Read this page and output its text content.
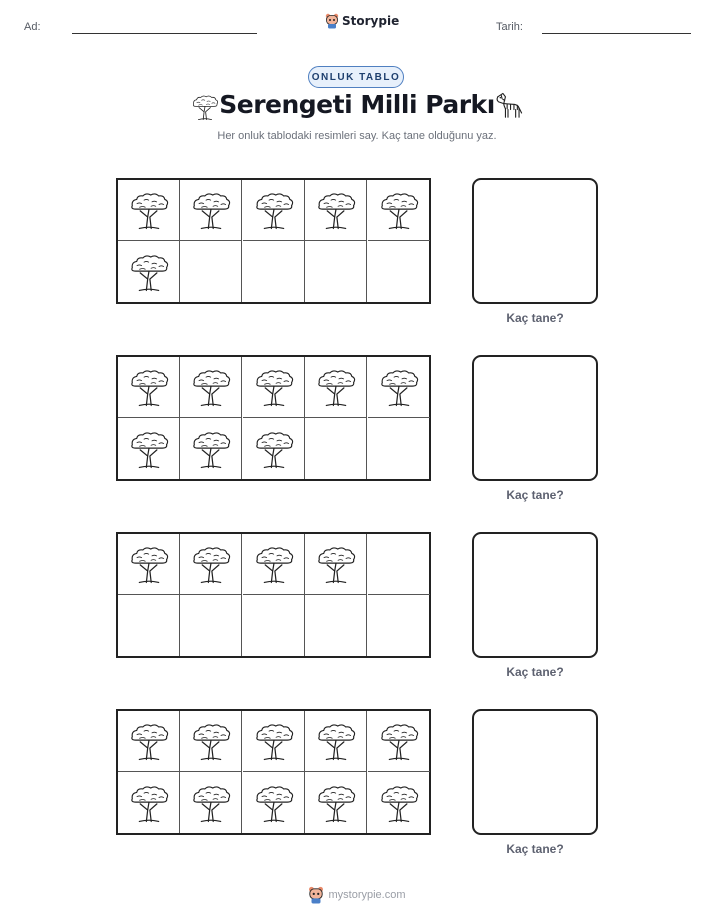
Ad:	Storypie	Tarih:
ONLUK TABLO
Serengeti Milli Parkı
Her onluk tablodaki resimleri say. Kaç tane olduğunu yaz.
Kaç tane?
Kaç tane?
Kaç tane?
Kaç tane?
mystorypie.com
